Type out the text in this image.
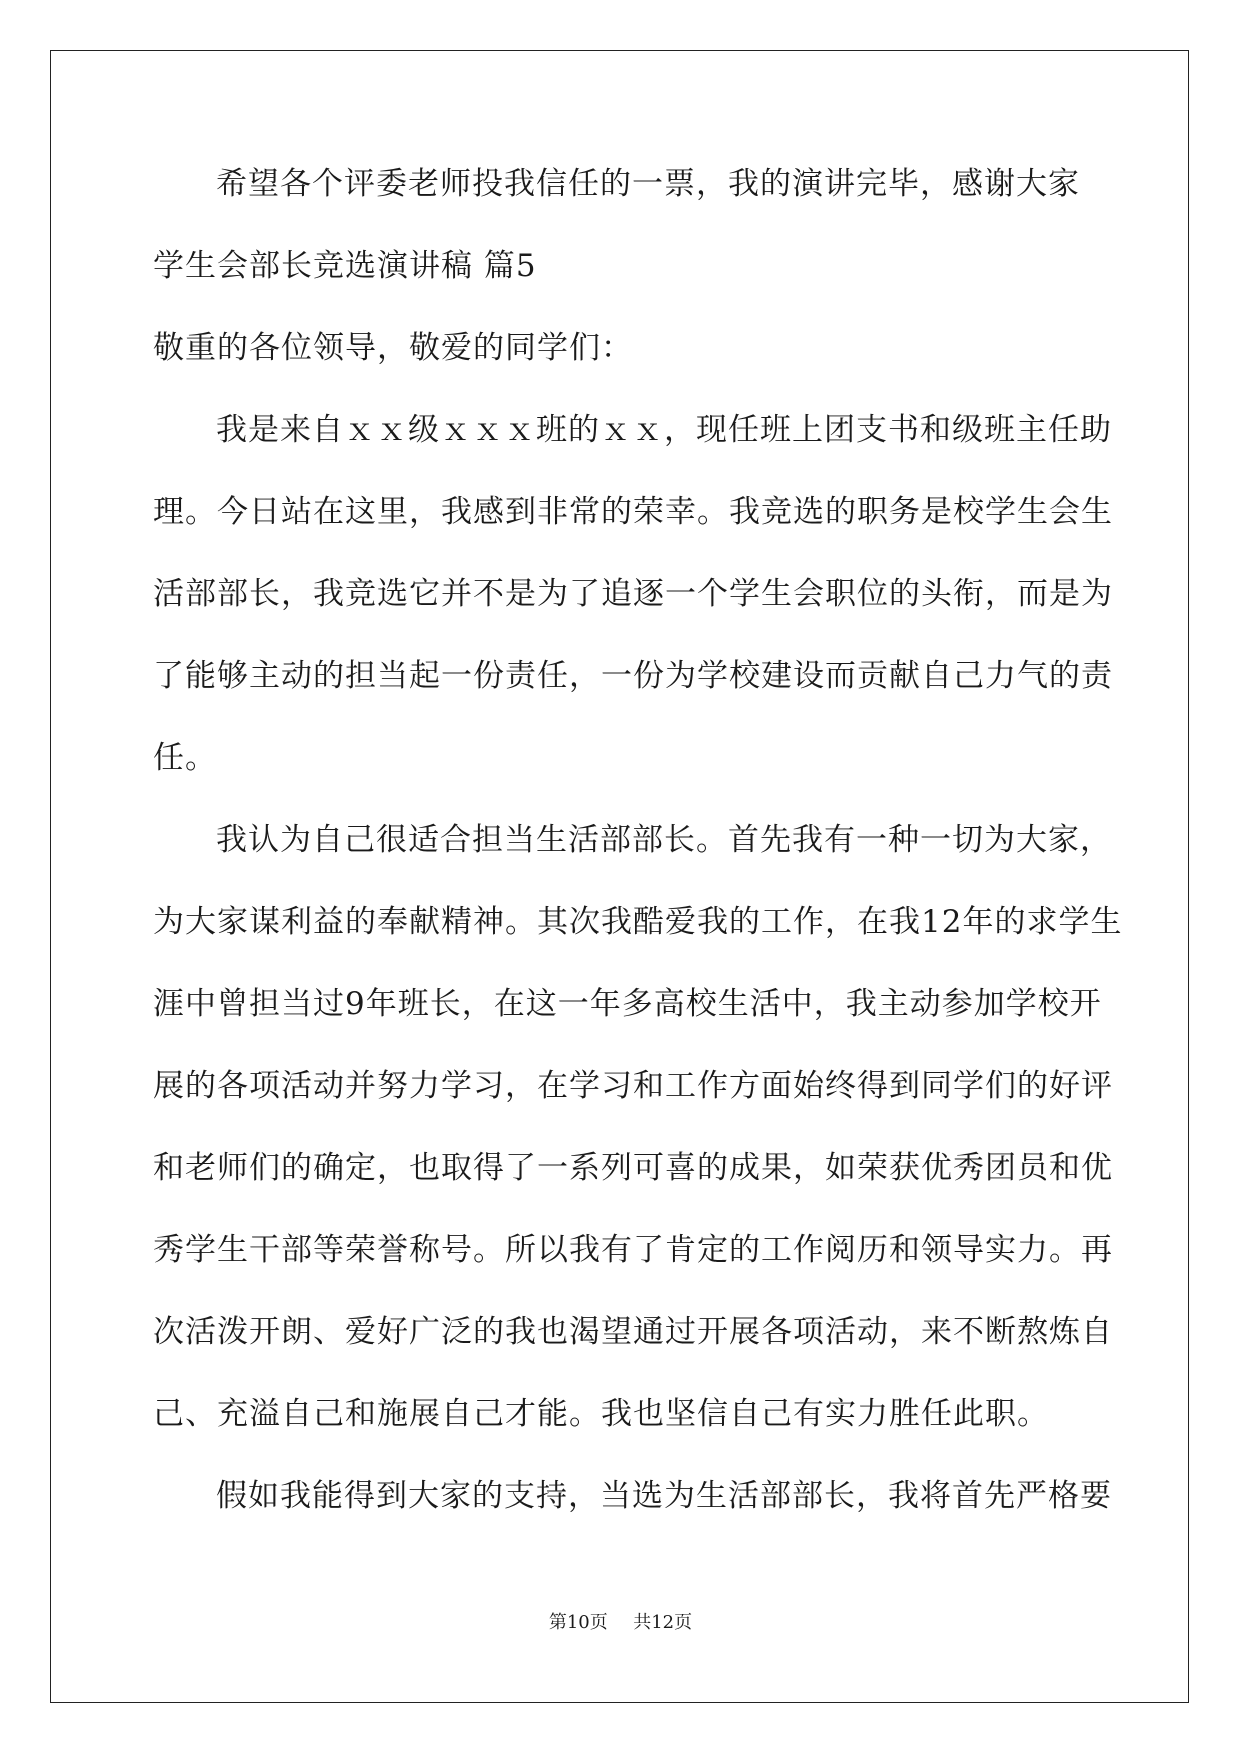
希望各个评委老师投我信任的一票，我的演讲完毕，感谢大家
学生会部长竞选演讲稿 篇5
敬重的各位领导，敬爱的同学们：
我是来自ｘｘ级ｘｘｘ班的ｘｘ，现任班上团支书和级班主任助
理。今日站在这里，我感到非常的荣幸。我竞选的职务是校学生会生
活部部长，我竞选它并不是为了追逐一个学生会职位的头衔，而是为
了能够主动的担当起一份责任，一份为学校建设而贡献自己力气的责
任。
我认为自己很适合担当生活部部长。首先我有一种一切为大家，
为大家谋利益的奉献精神。其次我酷爱我的工作，在我12年的求学生
涯中曾担当过9年班长，在这一年多高校生活中，我主动参加学校开
展的各项活动并努力学习，在学习和工作方面始终得到同学们的好评
和老师们的确定，也取得了一系列可喜的成果，如荣获优秀团员和优
秀学生干部等荣誉称号。所以我有了肯定的工作阅历和领导实力。再
次活泼开朗、爱好广泛的我也渴望通过开展各项活动，来不断熬炼自
己、充溢自己和施展自己才能。我也坚信自己有实力胜任此职。
假如我能得到大家的支持，当选为生活部部长，我将首先严格要
第10页 共12页
